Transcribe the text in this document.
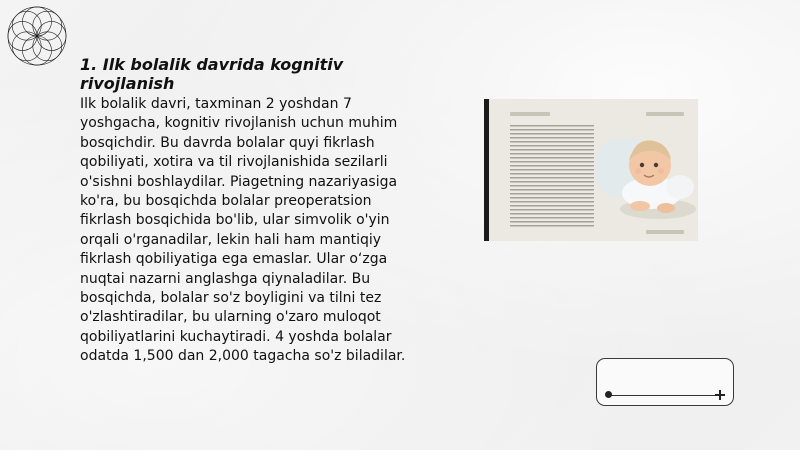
1. Ilk bolalik davrida kognitiv rivojlanish
Ilk bolalik davri, taxminan 2 yoshdan 7 yoshgacha, kognitiv rivojlanish uchun muhim bosqichdir. Bu davrda bolalar quyi fikrlash qobiliyati, xotira va til rivojlanishida sezilarli o'sishni boshlaydilar. Piagetning nazariyasiga ko'ra, bu bosqichda bolalar preoperatsion fikrlash bosqichida bo'lib, ular simvolik o'yin orqali o'rganadilar, lekin hali ham mantiqiy fikrlash qobiliyatiga ega emaslar. Ular o‘zga nuqtai nazarni anglashga qiynaladilar. Bu bosqichda, bolalar so'z boyligini va tilni tez o'zlashtiradilar, bu ularning o'zaro muloqot qobiliyatlarini kuchaytiradi. 4 yoshda bolalar odatda 1,500 dan 2,000 tagacha so'z biladilar.
